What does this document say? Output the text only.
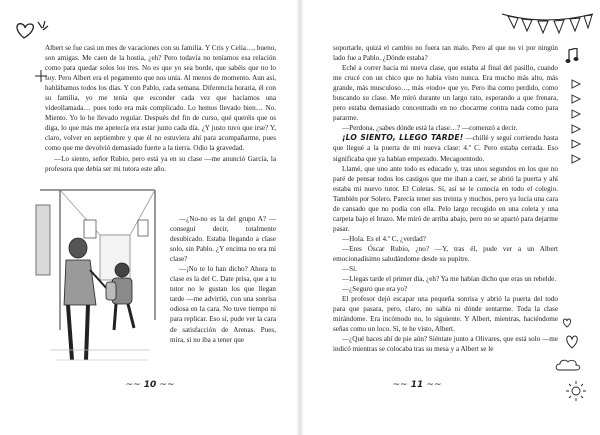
Albert se fue casi un mes de vacaciones con su familia. Y Cris y Celia…, bueno, son amigas. Me caen de la hostia, ¿eh? Pero todavía no teníamos esa relación como para quedar solos los tres. No es que yo sea borde, que sabéis que no lo soy. Pero Albert era el pegamento que nos unía. Al menos de momento. Aun así, hablábamos todos los días. Y con Pablo, cada semana. Diferencia horaria, él con su familia, yo me tenía que esconder cada vez que hacíamos una videollamada… pues todo era más complicado. Lo hemos llevado bien… No. Miento. Yo lo he llevado regular. Después del fin de curso, qué queréis que os diga, lo que más me apetecía era estar junto cada día. ¿Y justo tuvo que irse? Y, claro, volver en septiembre y que él no estuviera ahí para acompañarme, pues como que me devolvió demasiado fuerte a la tierra. Odio la gravedad.

—Lo siento, señor Rubio, pero está ya en su clase —me anunció García, la profesora que debía ser mi tutora este año.

—¿No-no es la del grupo A? —conseguí decir, totalmente desubicado. Estaba llegando a clase solo, sin Pablo. ¿Y encima no era mi clase?

—¡No te lo han dicho? Ahora tu clase es la del C. Date prisa, que a tu tutor no le gustan los que llegan tarde —me advirtió, con una sonrisa odiosa en la cara. No tuve tiempo ni para replicar. Eso sí, pude ver la cara de satisfacción de Arenas. Pues, mira, si no iba a tener que

soportarle, quizá el cambio no fuera tan malo. Pero al que no vi por ningún lado fue a Pablo. ¿Dónde estaba?

Eché a correr hacia mi nueva clase, que estaba al final del pasillo, cuando me crucé con un chico que no había visto nunca. Era mucho más alto, más grande, más musculoso…, más «todo» que yo. Pero iba como perdido, como buscando su clase. Me miró durante un largo rato, esperando a que frenara, pero estaba demasiado concentrado en no chocarme contra nada como para pararme.

—Perdona, ¿sabes dónde está la clase…? —comenzó a decir.

¡LO SIENTO, LLEGO TARDE! —chillé y seguí corriendo hasta que llegué a la puerta de mi nueva clase: 4.º C. Pero estaba cerrada. Eso significaba que ya habían empezado. Mecagoentodo.

Llamé, que uno ante todo es educado y, tras unos segundos en los que no paré de pensar todos los castigos que me iban a caer, se abrió la puerta y ahí estaba mi nuevo tutor. El Coletas. Sí, así se le conocía en todo el colegio. También por Solero. Parecía tener sus treinta y muchos, pero ya lucía una cara de cansado que no podía con ella. Pelo largo recogido en una coleta y una carpeta bajo el brazo. Me miró de arriba abajo, pero no se apartó para dejarme pasar.

—Hola. Es el 4.º C, ¿verdad?

—Eres Óscar Rubio, ¿no? —Y, tras él, pude ver a un Albert emocionadísimo saludándome desde su pupitre.

—Sí.

—Llegas tarde el primer día, ¿eh? Ya me habían dicho que eras un rebelde.

—¿Seguro que era yo?

El profesor dejó escapar una pequeña sonrisa y abrió la puerta del todo para que pasara, pero, claro, no sabía ni dónde sentarme. Toda la clase mirándome. Era incómodo no, lo siguiente. Y Albert, mientras, haciéndome señas como un loco. Sí, te he visto, Albert.

—¿Qué haces ahí de pie aún? Siéntate junto a Olivares, que está solo —me indicó mientras se colocaba tras su mesa y a Albert se le

~~ 10 ~~	~~ 11 ~~
